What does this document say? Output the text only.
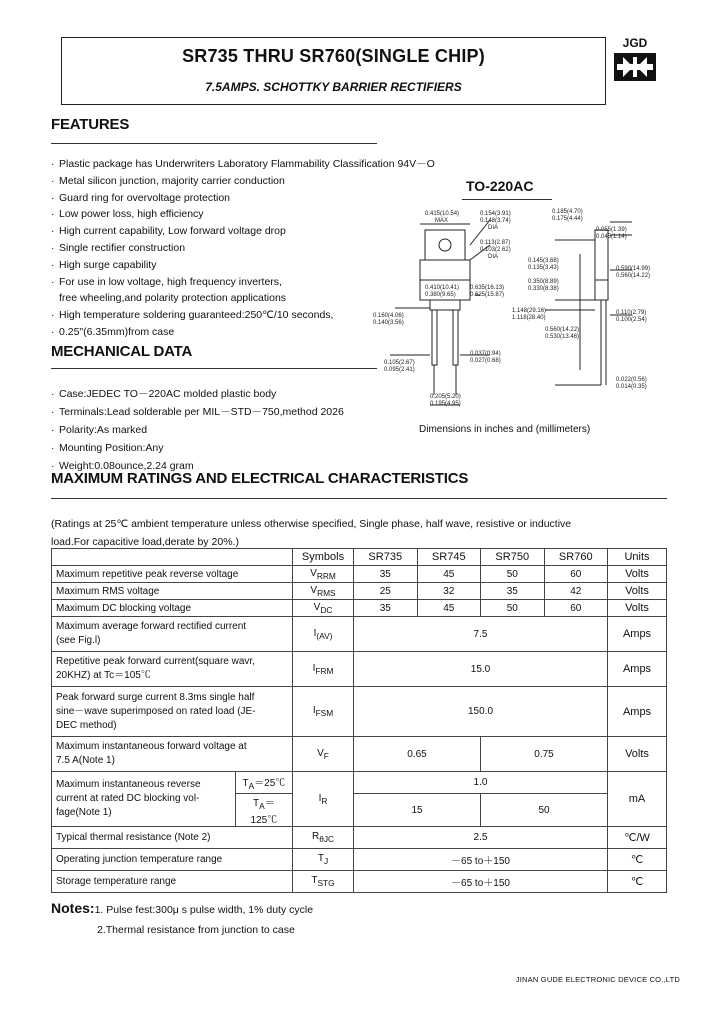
SR735 THRU SR760(SINGLE CHIP)
7.5AMPS. SCHOTTKY BARRIER RECTIFIERS
JGD
FEATURES
· Plastic package has Underwriters Laboratory Flammability Classification 94V－O
· Metal silicon junction, majority carrier conduction
· Guard ring for overvoltage protection
· Low power loss, high efficiency
· High current capability, Low forward voltage drop
· Single rectifier construction
· High surge capability
· For use in low voltage, high frequency inverters,
free wheeling,and polarity protection applications
· High temperature soldering guaranteed:250℃/10 seconds,
· 0.25"(6.35mm)from case
MECHANICAL DATA
· Case:JEDEC TO－220AC molded plastic body
· Terminals:Lead solderable per MIL－STD－750,method 2026
· Polarity:As marked
· Mounting Position:Any
· Weight:0.08ounce,2.24 gram
TO-220AC
0.415(10.54)
MAX
0.154(3.91)
0.148(3.74)
DIA
0.113(2.87)
0.103(2.62)
DIA
0.185(4.70)
0.175(4.44)
0.055(1.39)
0.045(1.14)
0.145(3.68)
0.135(3.43)
0.350(8.89)
0.330(8.38)
0.410(10.41)
0.380(9.65)
0.635(16.13)
0.625(15.87)
0.590(14.99)
0.560(14.22)
1.148(29.16)
1.118(28.40)
0.160(4.06)
0.140(3.56)
0.110(2.79)
0.100(2.54)
0.560(14.22)
0.530(13.46)
0.037(0.94)
0.027(0.68)
0.105(2.67)
0.095(2.41)
0.205(5.20)
0.195(4.95)
0.022(0.56)
0.014(0.35)
Dimensions in inches and (millimeters)
MAXIMUM RATINGS AND ELECTRICAL CHARACTERISTICS
(Ratings at 25℃ ambient temperature unless otherwise specified, Single phase, half wave, resistive or inductive
load.For capacitive load,derate by 20%.)
		Symbols	SR735	SR745	SR750	SR760	Units
Maximum repetitive peak reverse voltage		$V_{RRM}$	35	45	50	60	Volts
Maximum RMS voltage		$V_{RMS}$	25	32	35	42	Volts
Maximum DC blocking voltage		$V_{DC}$	35	45	50	60	Volts

Maximum average forward rectified current
(see Fig.l)		$I_{(AV)}$	7.5				Amps

Repetitive peak forward current(square wavr,
20KHZ) at Tc＝105℃		$I_{FRM}$	15.0				Amps

Peak forward surge current 8.3ms single half
sine－wave superimposed on rated load (JE-
DEC method)		$I_{FSM}$	150.0				Amps

Maximum instantaneous forward voltage at
7.5 A(Note 1)		$V_F$	0.65		0.75		Volts

Maximum instantaneous reverse
current at rated DC blocking vol-
fage(Note 1)	$T_A=25℃$	$I_R$	1.0				mA
	$T_A=125℃$		15		50		
Typical thermal resistance (Note 2)		$R_{\theta JC}$	2.5				℃/W
Operating junction temperature range		$T_J$	－65 to＋150				℃
Storage temperature range		$T_{STG}$	－65 to＋150				℃
Notes:1. Pulse fest:300μ s pulse width, 1% duty cycle
2.Thermal resistance from junction to case
JINAN GUDE ELECTRONIC DEVICE CO.,LTD
